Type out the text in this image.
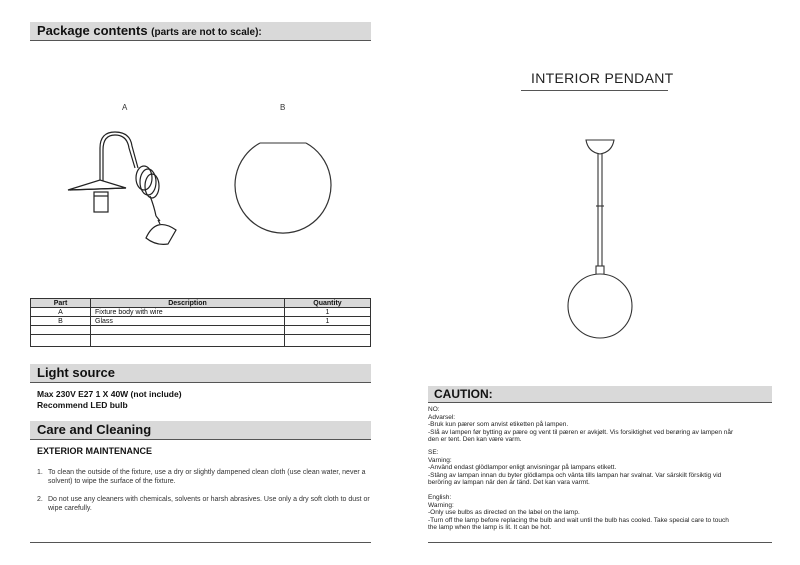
Package contents (parts are not to scale):
A	B
Part	Description	Quantity
A	Fixture body with wire	1
B	Glass	1

Light source
Max 230V E27 1 X 40W (not include)
Recommend LED bulb
Care and Cleaning
EXTERIOR MAINTENANCE
1. To clean the outside of the fixture, use a dry or slightly dampened clean cloth (use clean water, never a solvent) to wipe the surface of the fixture.
2. Do not use any cleaners with chemicals, solvents or harsh abrasives. Use only a dry soft cloth to dust or wipe carefully.
INTERIOR PENDANT
CAUTION:
NO:
Advarsel:
-Bruk kun pærer som anvist etiketten på lampen.
-Slå av lampen før bytting av pære og vent til pæren er avkjølt. Vis forsiktighet ved berøring av lampen når
den er tent. Den kan være varm.
SE:
Varning:
-Använd endast glödlampor enligt anvisningar på lampans etikett.
-Stäng av lampan innan du byter glödlampa och vänta tills lampan har svalnat. Var särskilt försiktig vid
beröring av lampan när den är tänd. Det kan vara varmt.
English:
Warning:
-Only use bulbs as directed on the label on the lamp.
-Turn off the lamp before replacing the bulb and wait until the bulb has cooled. Take special care to touch
the lamp when the lamp is lit. It can be hot.
